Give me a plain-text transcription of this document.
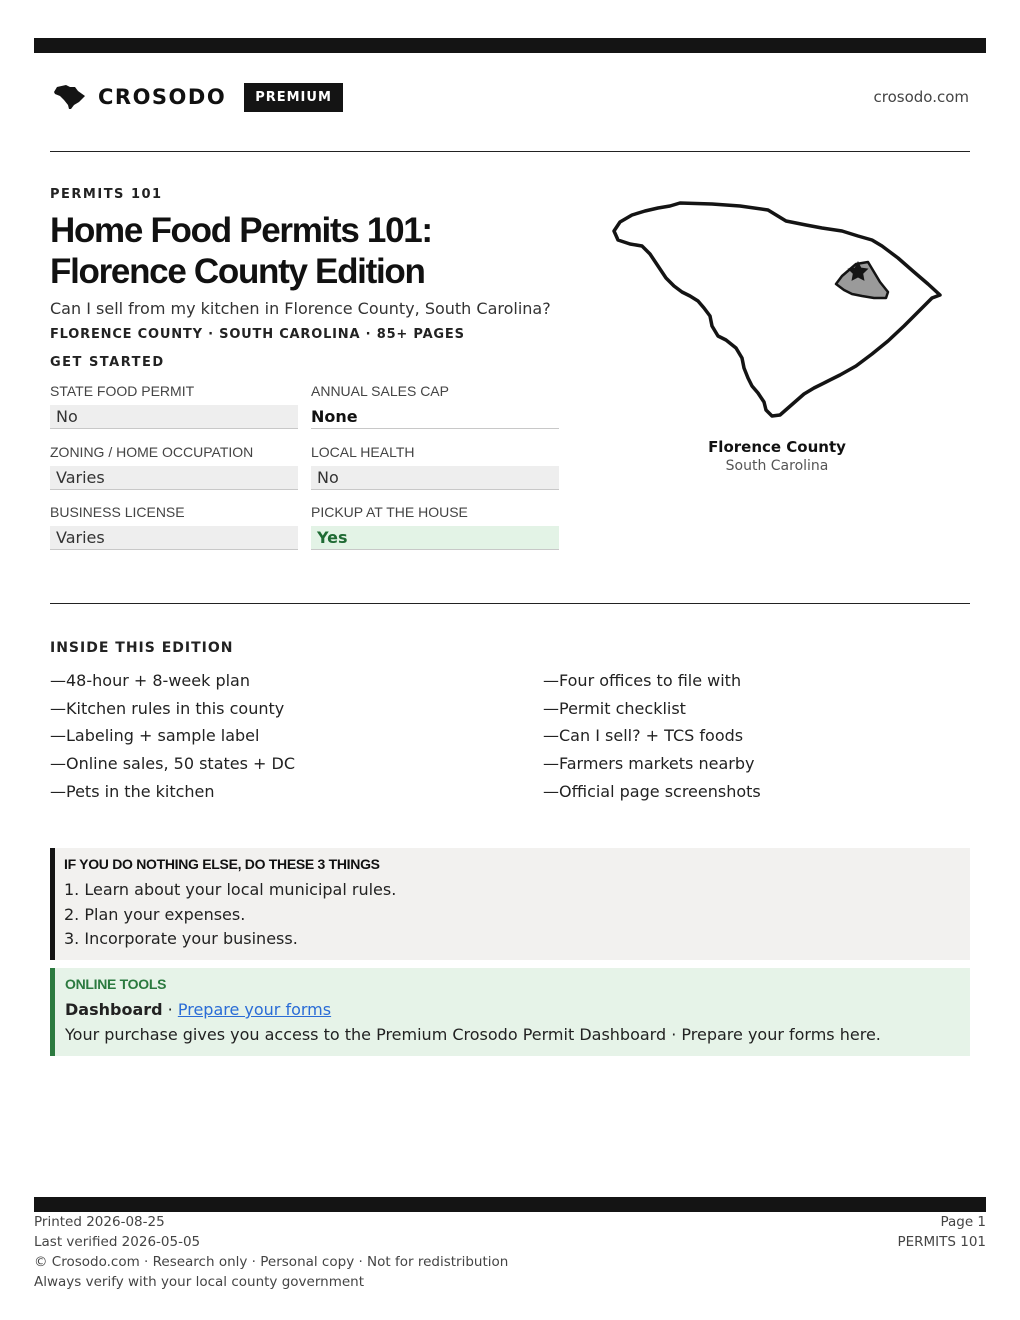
CROSODO	PREMIUM	crosodo.com
PERMITS 101
Home Food Permits 101:
Florence County Edition
Can I sell from my kitchen in Florence County, South Carolina?
FLORENCE COUNTY · SOUTH CAROLINA · 85+ PAGES
GET STARTED
STATE FOOD PERMIT
No
ANNUAL SALES CAP
None
ZONING / HOME OCCUPATION
Varies
LOCAL HEALTH
No
BUSINESS LICENSE
Varies
PICKUP AT THE HOUSE
Yes
Florence County
South Carolina
INSIDE THIS EDITION
—48-hour + 8-week plan
—Kitchen rules in this county
—Labeling + sample label
—Online sales, 50 states + DC
—Pets in the kitchen
—Four offices to file with
—Permit checklist
—Can I sell? + TCS foods
—Farmers markets nearby
—Official page screenshots
IF YOU DO NOTHING ELSE, DO THESE 3 THINGS
1. Learn about your local municipal rules.
2. Plan your expenses.
3. Incorporate your business.
ONLINE TOOLS
Dashboard · Prepare your forms
Your purchase gives you access to the Premium Crosodo Permit Dashboard · Prepare your forms here.
Printed 2026-08-25
Last verified 2026-05-05
© Crosodo.com · Research only · Personal copy · Not for redistribution
Always verify with your local county government
Page 1
PERMITS 101
